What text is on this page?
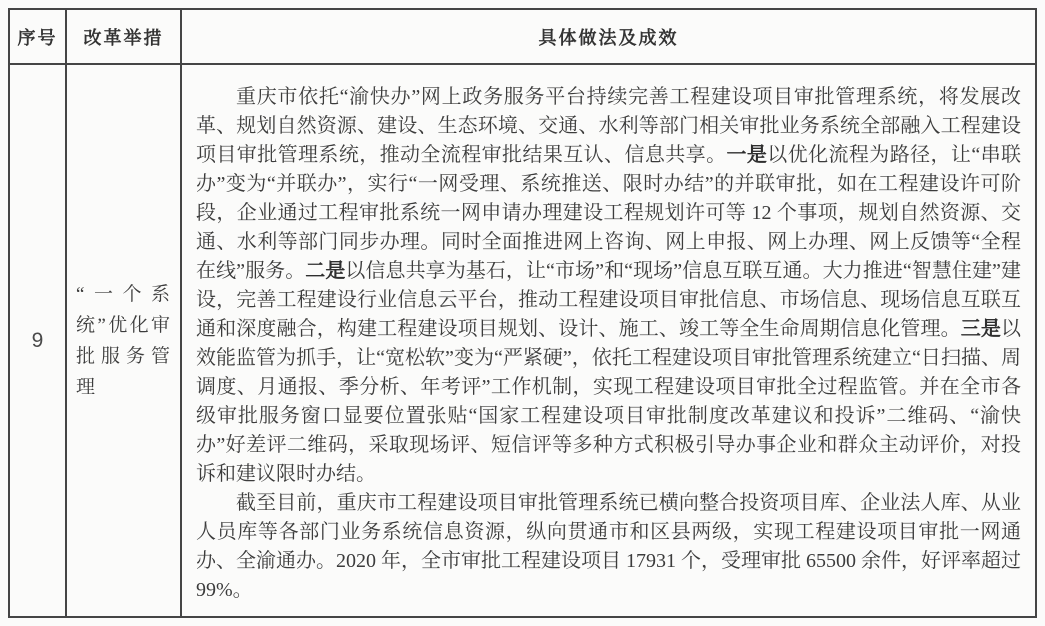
序号	改革举措	具体做法及成效
9	“一个系统”优化审批服务管理	重庆市依托“渝快办”网上政务服务平台持续完善工程建设项目审批管理系统，将发展改革、规划自然资源、建设、生态环境、交通、水利等部门相关审批业务系统全部融入工程建设项目审批管理系统，推动全流程审批结果互认、信息共享。一是以优化流程为路径，让“串联办”变为“并联办”，实行“一网受理、系统推送、限时办结”的并联审批，如在工程建设许可阶段，企业通过工程审批系统一网申请办理建设工程规划许可等 12 个事项，规划自然资源、交通、水利等部门同步办理。同时全面推进网上咨询、网上申报、网上办理、网上反馈等“全程在线”服务。二是以信息共享为基石，让“市场”和“现场”信息互联互通。大力推进“智慧住建”建设，完善工程建设行业信息云平台，推动工程建设项目审批信息、市场信息、现场信息互联互通和深度融合，构建工程建设项目规划、设计、施工、竣工等全生命周期信息化管理。三是以效能监管为抓手，让“宽松软”变为“严紧硬”，依托工程建设项目审批管理系统建立“日扫描、周调度、月通报、季分析、年考评”工作机制，实现工程建设项目审批全过程监管。并在全市各级审批服务窗口显要位置张贴“国家工程建设项目审批制度改革建议和投诉”二维码、“渝快办”好差评二维码，采取现场评、短信评等多种方式积极引导办事企业和群众主动评价，对投诉和建议限时办结。

截至目前，重庆市工程建设项目审批管理系统已横向整合投资项目库、企业法人库、从业人员库等各部门业务系统信息资源，纵向贯通市和区县两级，实现工程建设项目审批一网通办、全渝通办。2020 年，全市审批工程建设项目 17931 个，受理审批 65500 余件，好评率超过 99%。
